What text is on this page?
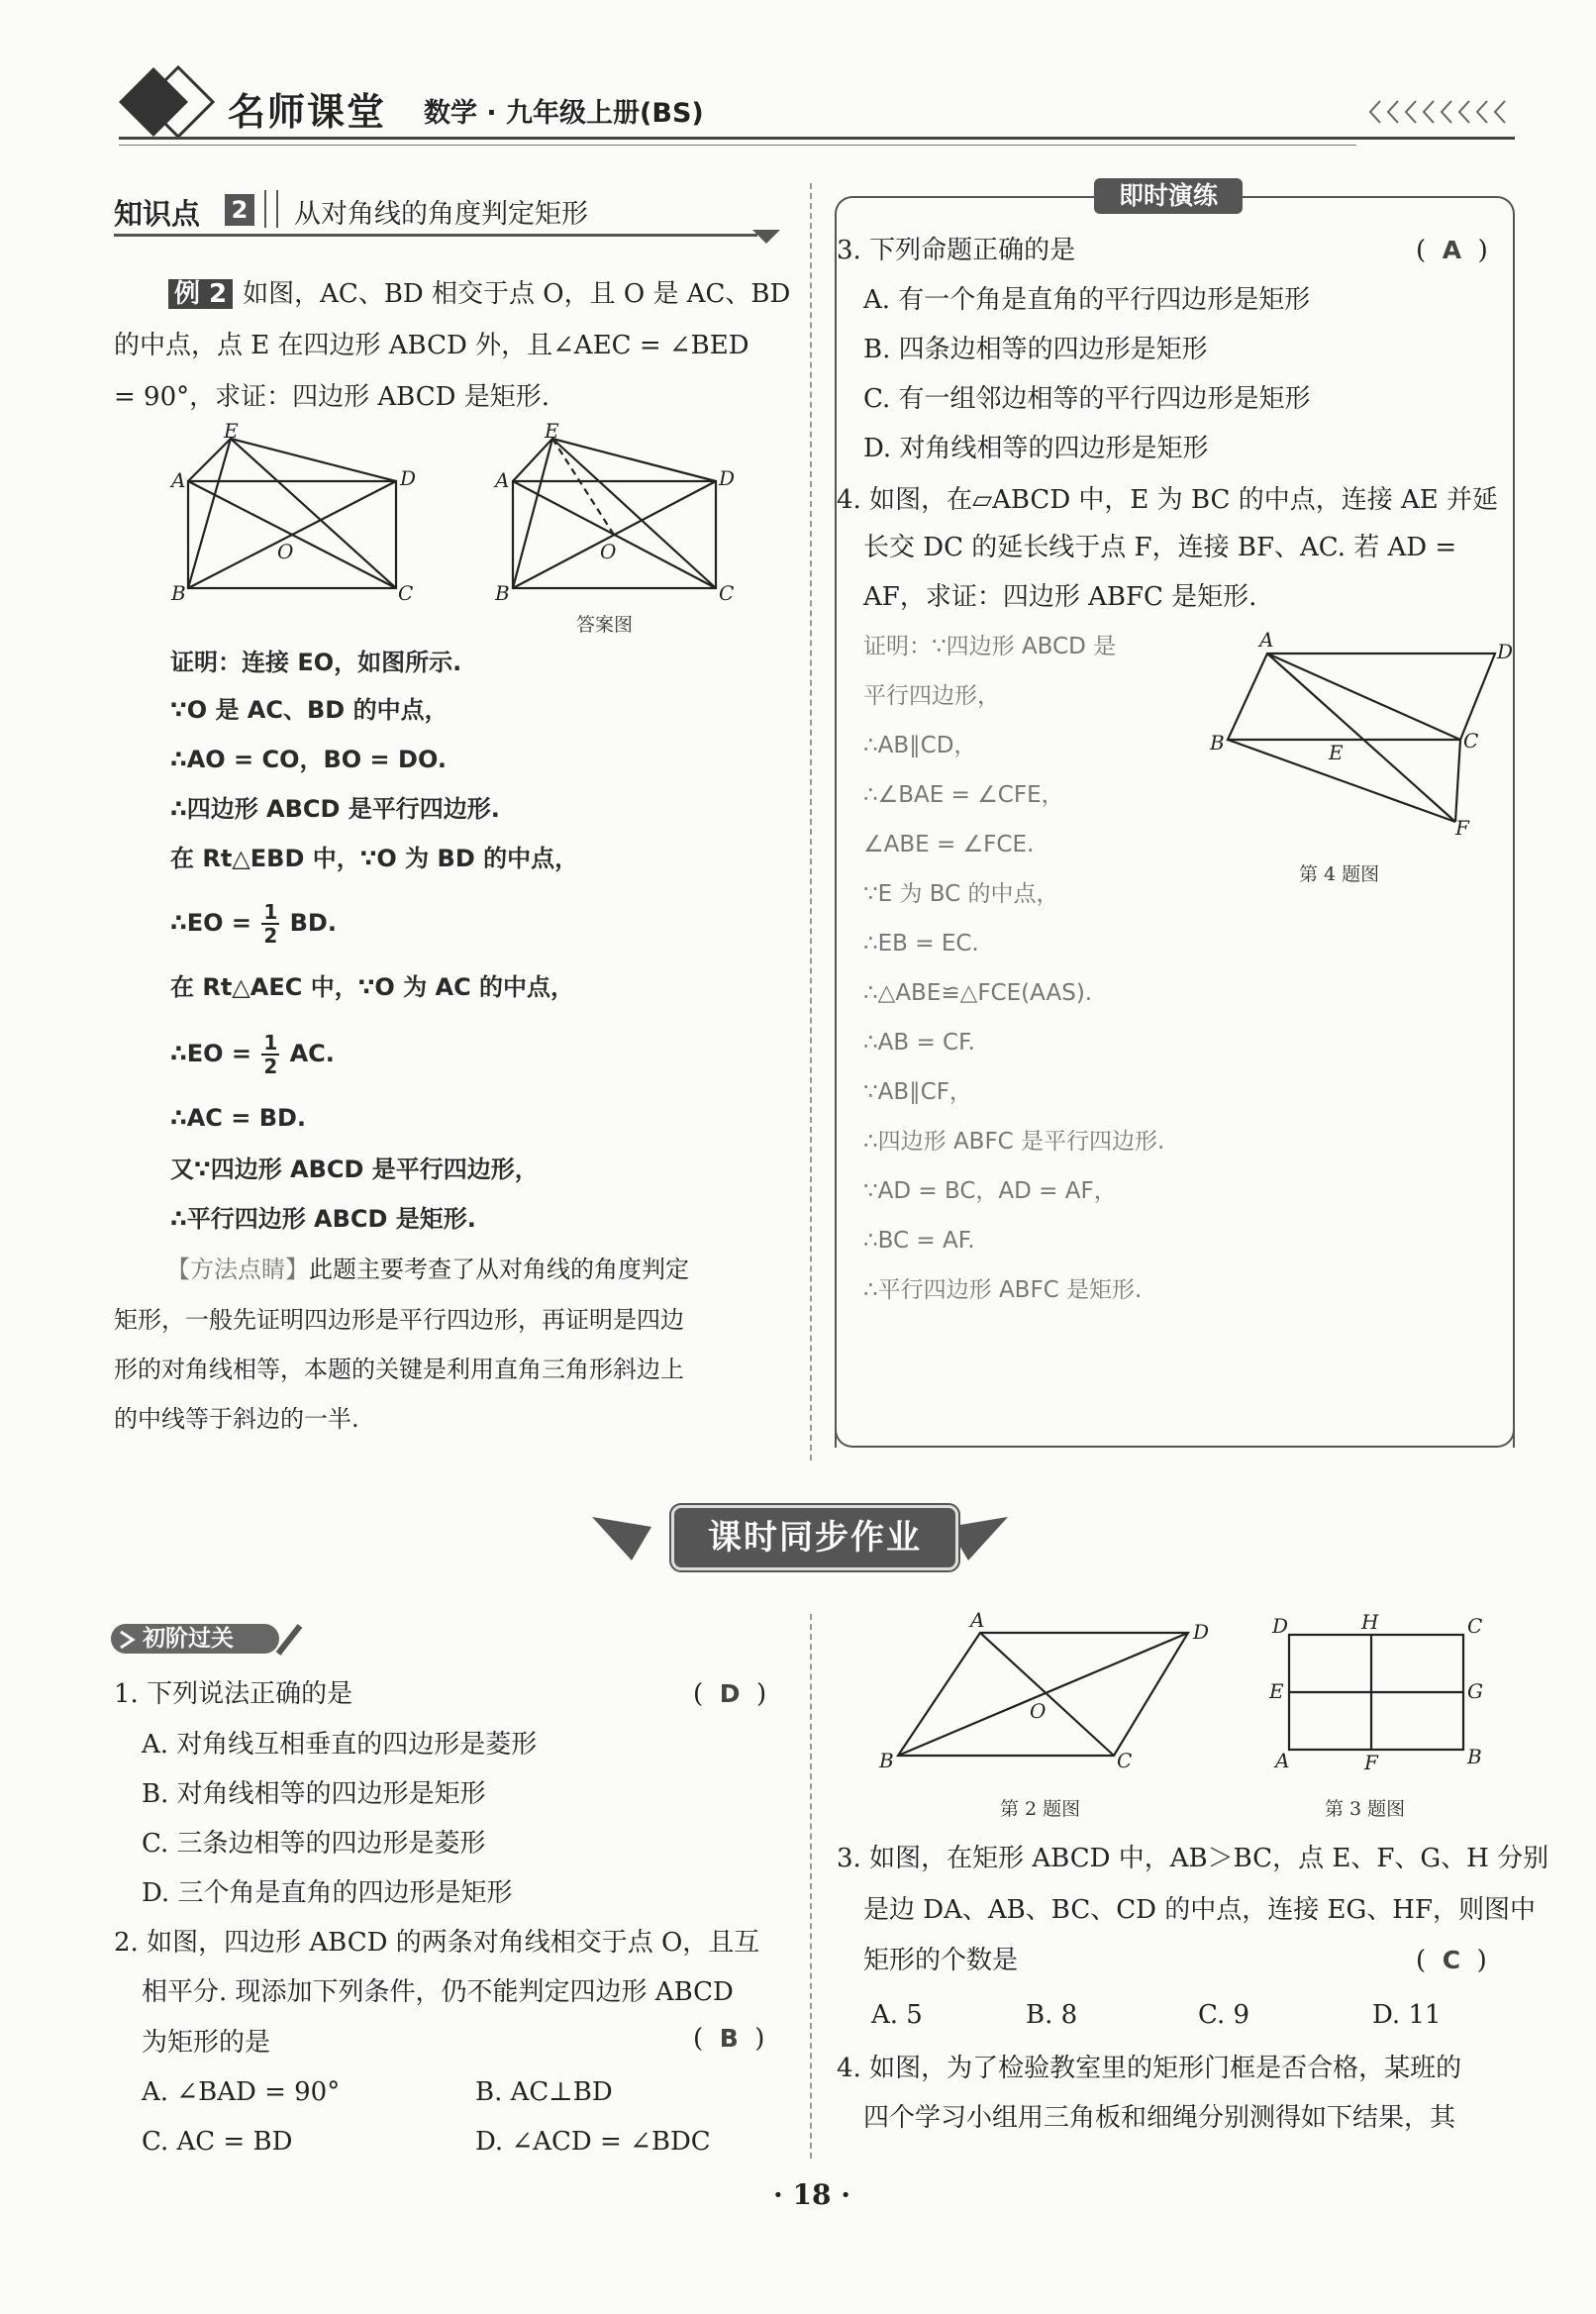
名师课堂 数学 · 九年级上册(BS)
知识点 2 从对角线的角度判定矩形
例 2 如图，AC、BD 相交于点 O，且 O 是 AC、BD
的中点，点 E 在四边形 ABCD 外，且∠AEC = ∠BED
= 90°，求证：四边形 ABCD 是矩形.
A
B	C
D
E
O
A
B	C
D
E
O
答案图
证明：连接 EO，如图所示.
∵O 是 AC、BD 的中点，
∴AO = CO，BO = DO.
∴四边形 ABCD 是平行四边形.
在 Rt△EBD 中，∵O 为 BD 的中点，
∴EO = $\frac{1}{2}$ BD.
在 Rt△AEC 中，∵O 为 AC 的中点，
∴EO = $\frac{1}{2}$ AC.
∴AC = BD.
又∵四边形 ABCD 是平行四边形，
∴平行四边形 ABCD 是矩形.
【方法点睛】此题主要考查了从对角线的角度判定
矩形，一般先证明四边形是平行四边形，再证明是四边
形的对角线相等，本题的关键是利用直角三角形斜边上
的中线等于斜边的一半.
即时演练
3. 下列命题正确的是	( A )
A. 有一个角是直角的平行四边形是矩形
B. 四条边相等的四边形是矩形
C. 有一组邻边相等的平行四边形是矩形
D. 对角线相等的四边形是矩形
4. 如图，在▱ABCD 中，E 为 BC 的中点，连接 AE 并延
长交 DC 的延长线于点 F，连接 BF、AC. 若 AD =
AF，求证：四边形 ABFC 是矩形.
证明：∵四边形 ABCD 是
平行四边形，
∴AB∥CD，
∴∠BAE = ∠CFE，
∠ABE = ∠FCE.
∵E 为 BC 的中点，
∴EB = EC.
∴△ABE≌△FCE(AAS).
∴AB = CF.
∵AB∥CF，
∴四边形 ABFC 是平行四边形.
∵AD = BC，AD = AF，
∴BC = AF.
∴平行四边形 ABFC 是矩形.
A	D
B	C
E
F
第 4 题图
课时同步作业
初阶过关
1. 下列说法正确的是	( D )
A. 对角线互相垂直的四边形是菱形
B. 对角线相等的四边形是矩形
C. 三条边相等的四边形是菱形
D. 三个角是直角的四边形是矩形
2. 如图，四边形 ABCD 的两条对角线相交于点 O，且互
相平分. 现添加下列条件，仍不能判定四边形 ABCD
为矩形的是	( B )
A. ∠BAD = 90°	B. AC⊥BD
C. AC = BD	D. ∠ACD = ∠BDC
A	D
B	C
O
第 2 题图
D	H	C
E	G
A	F	B
第 3 题图
3. 如图，在矩形 ABCD 中，AB＞BC，点 E、F、G、H 分别
是边 DA、AB、BC、CD 的中点，连接 EG、HF，则图中
矩形的个数是	( C )
A. 5	B. 8	C. 9	D. 11
4. 如图，为了检验教室里的矩形门框是否合格，某班的
四个学习小组用三角板和细绳分别测得如下结果，其
· 18 ·
